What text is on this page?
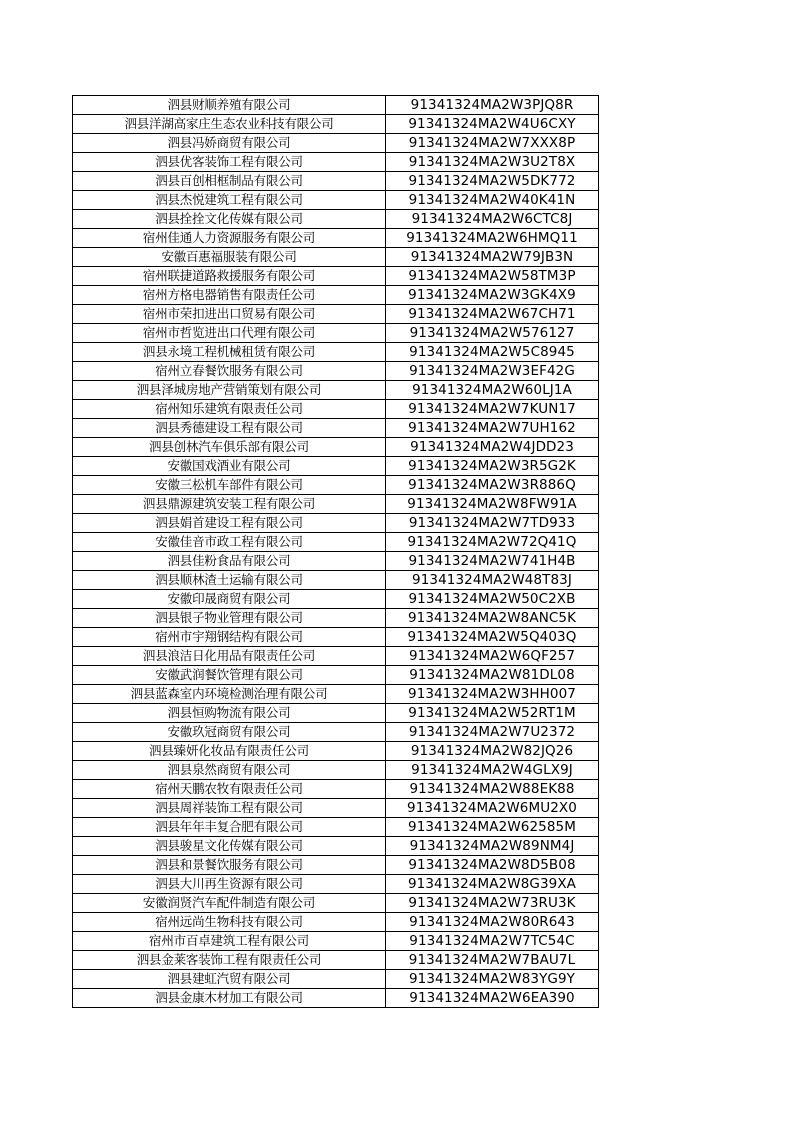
泗县财顺养殖有限公司	91341324MA2W3PJQ8R
泗县洋湖高家庄生态农业科技有限公司	91341324MA2W4U6CXY
泗县冯娇商贸有限公司	91341324MA2W7XXX8P
泗县优客装饰工程有限公司	91341324MA2W3U2T8X
泗县百创相框制品有限公司	91341324MA2W5DK772
泗县杰悦建筑工程有限公司	91341324MA2W40K41N
泗县拴拴文化传媒有限公司	91341324MA2W6CTC8J
宿州佳通人力资源服务有限公司	91341324MA2W6HMQ11
安徽百惠福服装有限公司	91341324MA2W79JB3N
宿州联捷道路救援服务有限公司	91341324MA2W58TM3P
宿州方格电器销售有限责任公司	91341324MA2W3GK4X9
宿州市荣扣进出口贸易有限公司	91341324MA2W67CH71
宿州市哲览进出口代理有限公司	91341324MA2W576127
泗县永境工程机械租赁有限公司	91341324MA2W5C8945
宿州立春餐饮服务有限公司	91341324MA2W3EF42G
泗县泽城房地产营销策划有限公司	91341324MA2W60LJ1A
宿州知乐建筑有限责任公司	91341324MA2W7KUN17
泗县秀德建设工程有限公司	91341324MA2W7UH162
泗县创林汽车俱乐部有限公司	91341324MA2W4JDD23
安徽国戏酒业有限公司	91341324MA2W3R5G2K
安徽三松机车部件有限公司	91341324MA2W3R886Q
泗县鼎源建筑安装工程有限公司	91341324MA2W8FW91A
泗县娟首建设工程有限公司	91341324MA2W7TD933
安徽佳音市政工程有限公司	91341324MA2W72Q41Q
泗县佳粉食品有限公司	91341324MA2W741H4B
泗县顺林渣土运输有限公司	91341324MA2W48T83J
安徽印晟商贸有限公司	91341324MA2W50C2XB
泗县银子物业管理有限公司	91341324MA2W8ANC5K
宿州市宇翔钢结构有限公司	91341324MA2W5Q403Q
泗县浪洁日化用品有限责任公司	91341324MA2W6QF257
安徽武润餐饮管理有限公司	91341324MA2W81DL08
泗县蓝森室内环境检测治理有限公司	91341324MA2W3HH007
泗县恒购物流有限公司	91341324MA2W52RT1M
安徽玖冠商贸有限公司	91341324MA2W7U2372
泗县臻妍化妆品有限责任公司	91341324MA2W82JQ26
泗县泉然商贸有限公司	91341324MA2W4GLX9J
宿州天鹏农牧有限责任公司	91341324MA2W88EK88
泗县周祥装饰工程有限公司	91341324MA2W6MU2X0
泗县年年丰复合肥有限公司	91341324MA2W62585M
泗县骏星文化传媒有限公司	91341324MA2W89NM4J
泗县和景餐饮服务有限公司	91341324MA2W8D5B08
泗县大川再生资源有限公司	91341324MA2W8G39XA
安徽润贤汽车配件制造有限公司	91341324MA2W73RU3K
宿州远尚生物科技有限公司	91341324MA2W80R643
宿州市百卓建筑工程有限公司	91341324MA2W7TC54C
泗县金莱客装饰工程有限责任公司	91341324MA2W7BAU7L
泗县建虹汽贸有限公司	91341324MA2W83YG9Y
泗县金康木材加工有限公司	91341324MA2W6EA390
